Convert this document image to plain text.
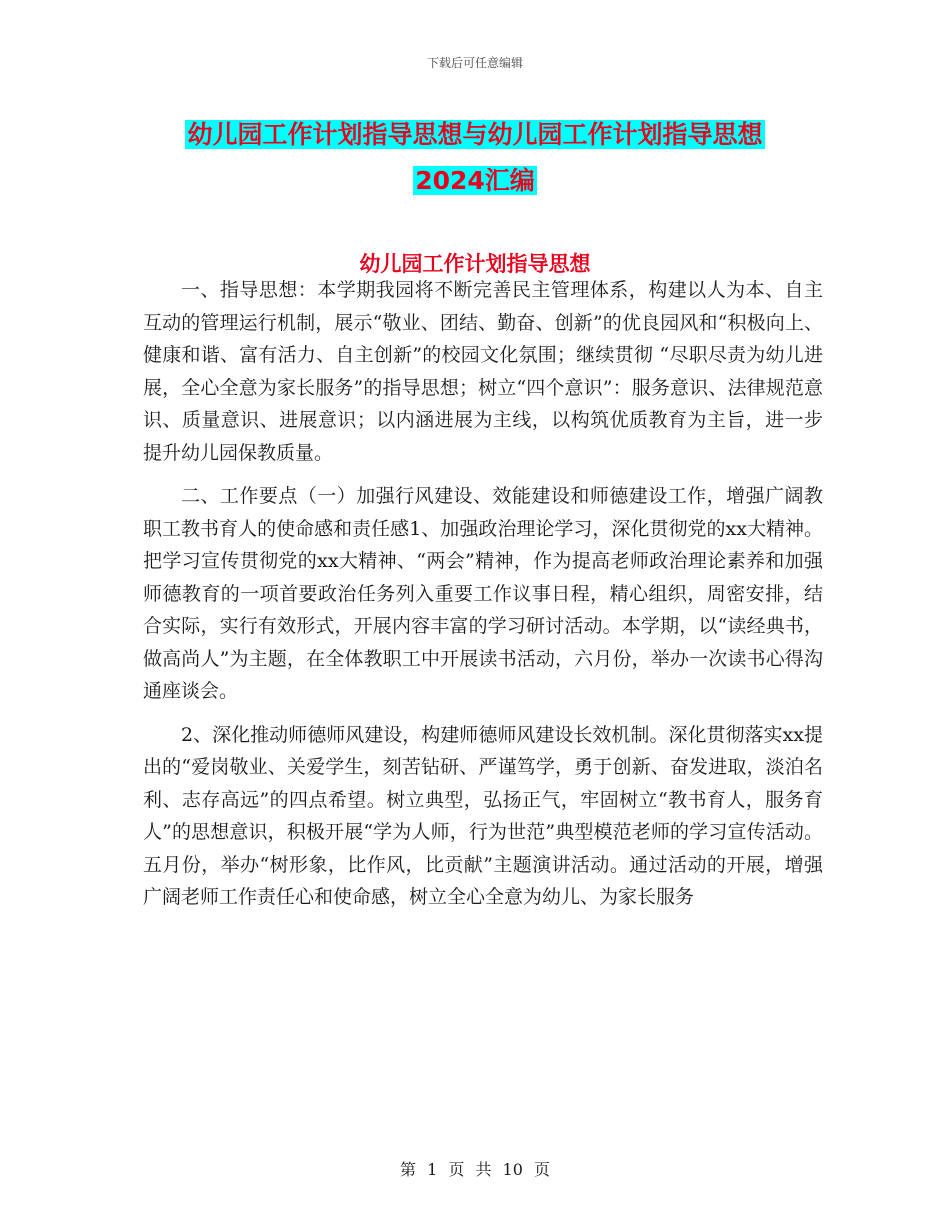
下载后可任意编辑
幼儿园工作计划指导思想与幼儿园工作计划指导思想
2024汇编
幼儿园工作计划指导思想

一、指导思想：本学期我园将不断完善民主管理体系，构建以人为本、自主互动的管理运行机制，展示“敬业、团结、勤奋、创新”的优良园风和“积极向上、健康和谐、富有活力、自主创新”的校园文化氛围；继续贯彻 “尽职尽责为幼儿进展，全心全意为家长服务”的指导思想；树立“四个意识”：服务意识、法律规范意识、质量意识、进展意识；以内涵进展为主线，以构筑优质教育为主旨，进一步提升幼儿园保教质量。

二、工作要点（一）加强行风建设、效能建设和师德建设工作，增强广阔教职工教书育人的使命感和责任感1、加强政治理论学习，深化贯彻党的xx大精神。把学习宣传贯彻党的xx大精神、“两会”精神，作为提高老师政治理论素养和加强师德教育的一项首要政治任务列入重要工作议事日程，精心组织，周密安排，结合实际，实行有效形式，开展内容丰富的学习研讨活动。本学期，以“读经典书，做高尚人”为主题，在全体教职工中开展读书活动，六月份，举办一次读书心得沟通座谈会。

2、深化推动师德师风建设，构建师德师风建设长效机制。深化贯彻落实xx提出的“爱岗敬业、关爱学生，刻苦钻研、严谨笃学，勇于创新、奋发进取，淡泊名利、志存高远”的四点希望。树立典型，弘扬正气，牢固树立“教书育人，服务育人”的思想意识，积极开展“学为人师，行为世范”典型模范老师的学习宣传活动。五月份，举办“树形象，比作风，比贡献”主题演讲活动。通过活动的开展，增强广阔老师工作责任心和使命感，树立全心全意为幼儿、为家长服务

第 1 页 共 10 页
